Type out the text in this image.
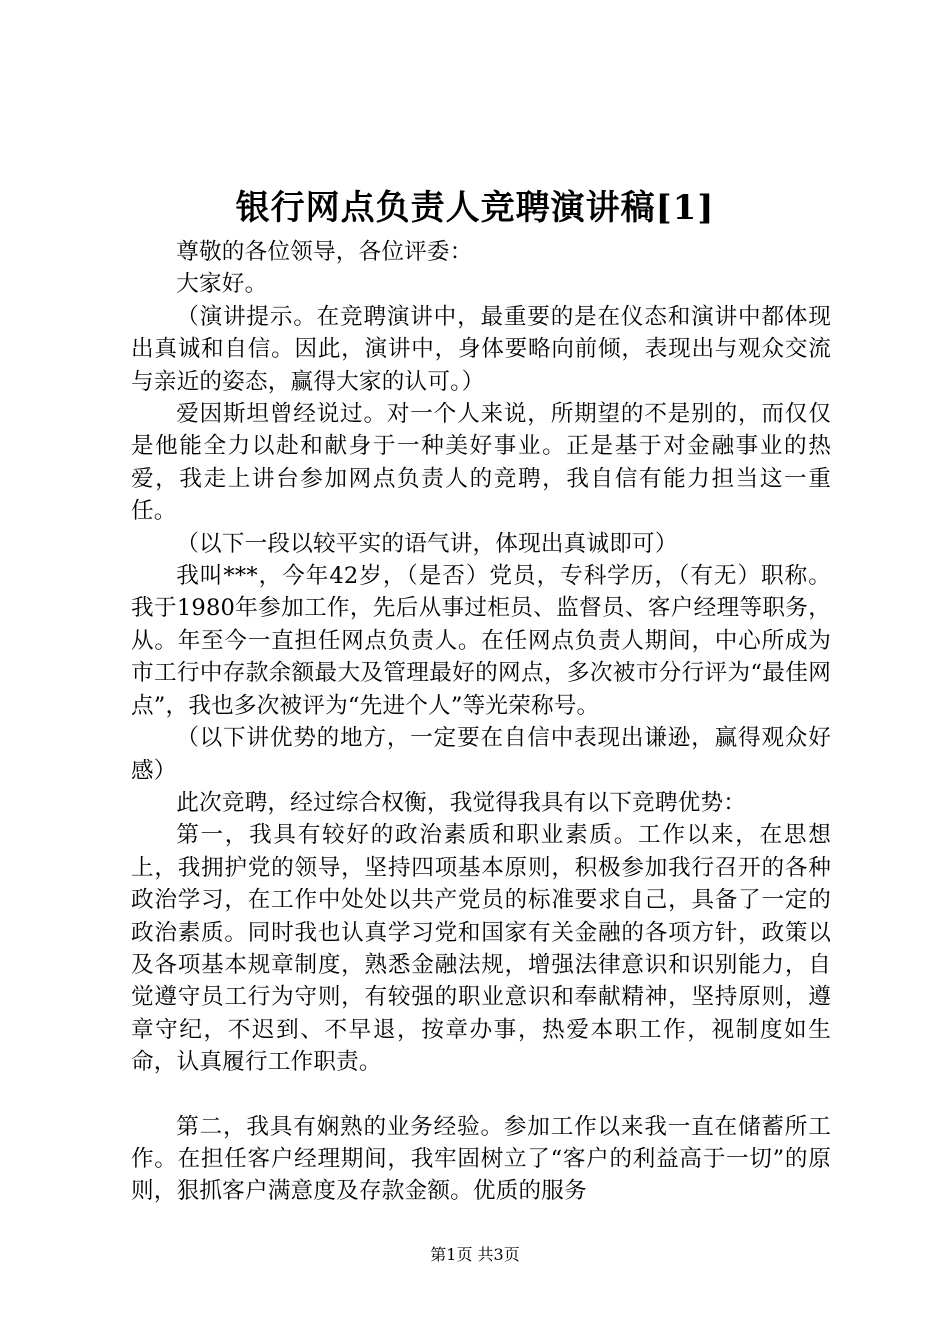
银行网点负责人竞聘演讲稿[1]

尊敬的各位领导，各位评委：

大家好。

（演讲提示。在竞聘演讲中，最重要的是在仪态和演讲中都体现出真诚和自信。因此，演讲中，身体要略向前倾，表现出与观众交流与亲近的姿态，赢得大家的认可。）

爱因斯坦曾经说过。对一个人来说，所期望的不是别的，而仅仅是他能全力以赴和献身于一种美好事业。正是基于对金融事业的热爱，我走上讲台参加网点负责人的竞聘，我自信有能力担当这一重任。

（以下一段以较平实的语气讲，体现出真诚即可）

我叫***，今年42岁，（是否）党员，专科学历，（有无）职称。我于1980年参加工作，先后从事过柜员、监督员、客户经理等职务，从。年至今一直担任网点负责人。在任网点负责人期间，中心所成为市工行中存款余额最大及管理最好的网点，多次被市分行评为“最佳网点”，我也多次被评为“先进个人”等光荣称号。

（以下讲优势的地方，一定要在自信中表现出谦逊，赢得观众好感）

此次竞聘，经过综合权衡，我觉得我具有以下竞聘优势：

第一，我具有较好的政治素质和职业素质。工作以来，在思想上，我拥护党的领导，坚持四项基本原则，积极参加我行召开的各种政治学习，在工作中处处以共产党员的标准要求自己，具备了一定的政治素质。同时我也认真学习党和国家有关金融的各项方针，政策以及各项基本规章制度，熟悉金融法规，增强法律意识和识别能力，自觉遵守员工行为守则，有较强的职业意识和奉献精神，坚持原则，遵章守纪，不迟到、不早退，按章办事，热爱本职工作，视制度如生命，认真履行工作职责。

第二，我具有娴熟的业务经验。参加工作以来我一直在储蓄所工作。在担任客户经理期间，我牢固树立了“客户的利益高于一切”的原则，狠抓客户满意度及存款金额。优质的服务

第1页 共3页
